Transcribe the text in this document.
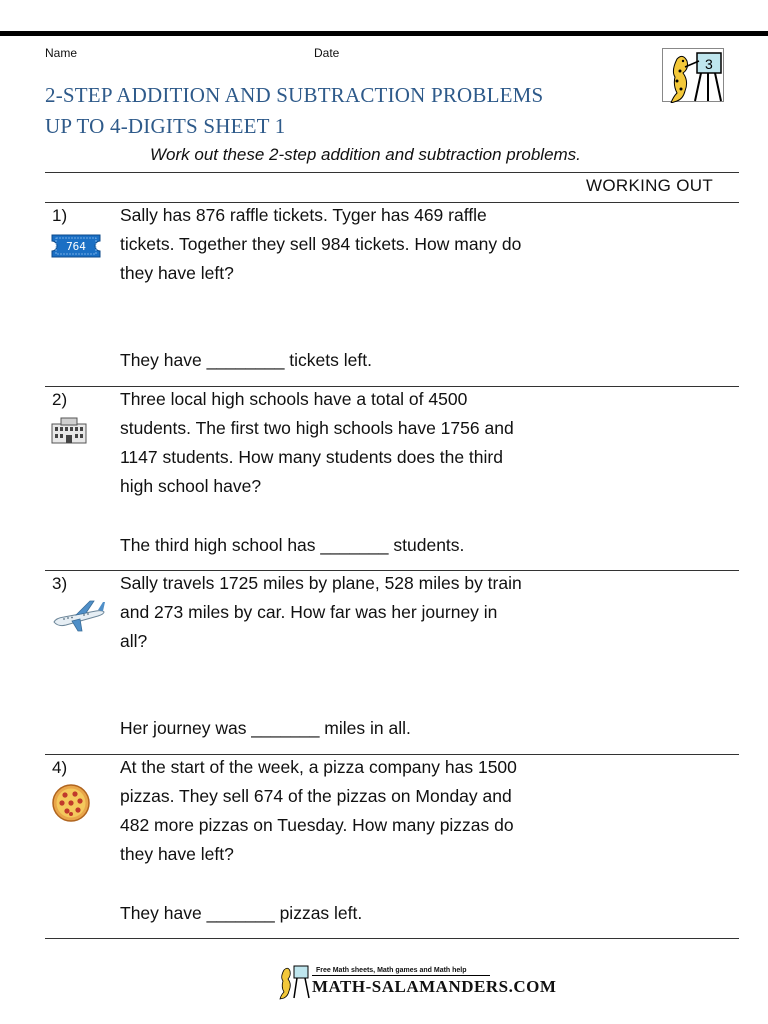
Name	Date
3
2-STEP ADDITION AND SUBTRACTION PROBLEMS
UP TO 4-DIGITS SHEET 1
Work out these 2-step addition and subtraction problems.
WORKING OUT
1)
764
Sally has 876 raffle tickets. Tyger has 469 raffle
tickets. Together they sell 984 tickets. How many do
they have left?
They have ________ tickets left.
2)	Three local high schools have a total of 4500
students. The first two high schools have 1756 and
1147 students. How many students does the third
high school have?
The third high school has _______ students.
3)	Sally travels 1725 miles by plane, 528 miles by train
and 273 miles by car. How far was her journey in
all?
Her journey was _______ miles in all.
4)	At the start of the week, a pizza company has 1500
pizzas. They sell 674 of the pizzas on Monday and
482 more pizzas on Tuesday. How many pizzas do
they have left?
They have _______ pizzas left.
Free Math sheets, Math games and Math help
MATH-SALAMANDERS.COM
